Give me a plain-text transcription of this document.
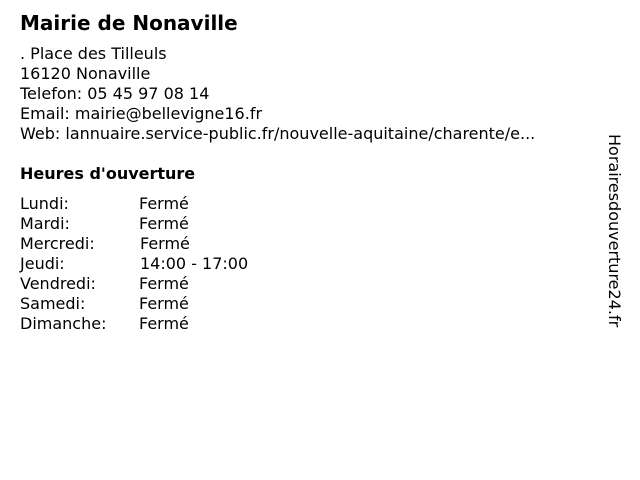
Mairie de Nonaville
. Place des Tilleuls
16120 Nonaville
Telefon: 05 45 97 08 14
Email: mairie@bellevigne16.fr
Web: lannuaire.service-public.fr/nouvelle-aquitaine/charente/e...
Heures d'ouverture
Lundi:	Fermé
Mardi:	Fermé
Mercredi:	Fermé
Jeudi:	14:00 - 17:00
Vendredi:	Fermé
Samedi:	Fermé
Dimanche: Fermé	Horairesdouverture24.fr
